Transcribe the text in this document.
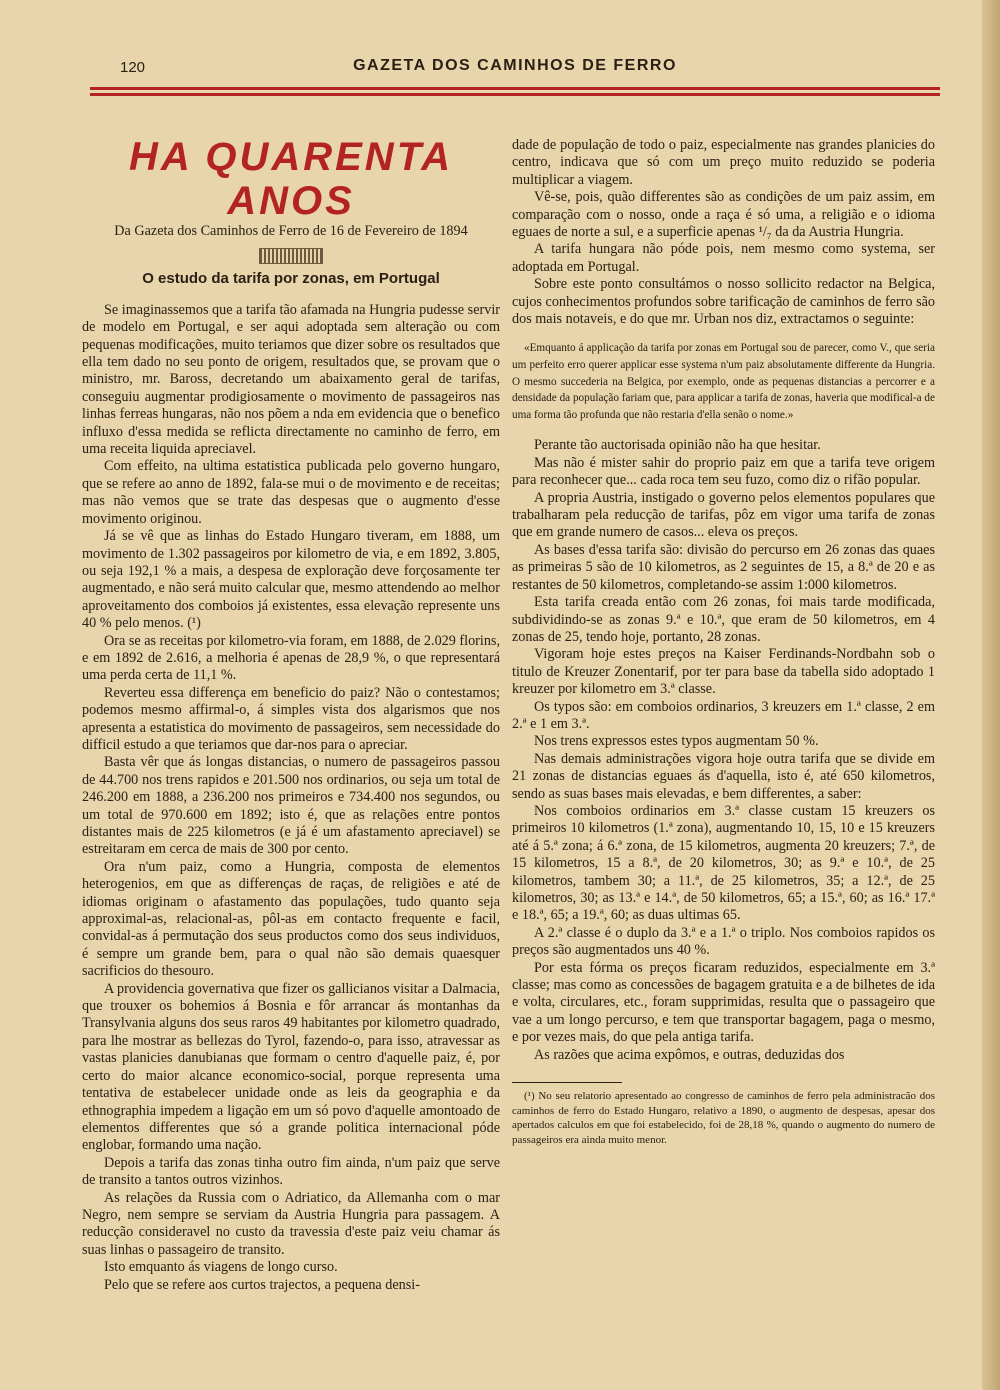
120	GAZETA DOS CAMINHOS DE FERRO
HA QUARENTA ANOS
Da Gazeta dos Caminhos de Ferro de 16 de Fevereiro de 1894
O estudo da tarifa por zonas, em Portugal

Se imaginassemos que a tarifa tão afamada na Hungria pudesse servir de modelo em Portugal, e ser aqui adoptada sem alteração ou com pequenas modificações, muito teriamos que dizer sobre os resultados que ella tem dado no seu ponto de origem, resultados que, se provam que o ministro, mr. Baross, decretando um abaixamento geral de tarifas, conseguiu augmentar prodigiosamente o movimento de passageiros nas linhas ferreas hungaras, não nos põem a nda em evidencia que o benefico influxo d'essa medida se reflicta directamente no caminho de ferro, em uma receita liquida apreciavel.

Com effeito, na ultima estatistica publicada pelo governo hungaro, que se refere ao anno de 1892, fala-se mui o de movimento e de receitas; mas não vemos que se trate das despesas que o augmento d'esse movimento originou.

Já se vê que as linhas do Estado Hungaro tiveram, em 1888, um movimento de 1.302 passageiros por kilometro de via, e em 1892, 3.805, ou seja 192,1 % a mais, a despesa de exploração deve forçosamente ter augmentado, e não será muito calcular que, mesmo attendendo ao melhor aproveitamento dos comboios já existentes, essa elevação represente uns 40 % pelo menos. (¹)

Ora se as receitas por kilometro-via foram, em 1888, de 2.029 florins, e em 1892 de 2.616, a melhoria é apenas de 28,9 %, o que representará uma perda certa de 11,1 %.

Reverteu essa differença em beneficio do paiz? Não o contestamos; podemos mesmo affirmal-o, á simples vista dos algarismos que nos apresenta a estatistica do movimento de passageiros, sem necessidade do difficil estudo a que teriamos que dar-nos para o apreciar.

Basta vêr que ás longas distancias, o numero de passageiros passou de 44.700 nos trens rapidos e 201.500 nos ordinarios, ou seja um total de 246.200 em 1888, a 236.200 nos primeiros e 734.400 nos segundos, ou um total de 970.600 em 1892; isto é, que as relações entre pontos distantes mais de 225 kilometros (e já é um afastamento apreciavel) se estreitaram em cerca de mais de 300 por cento.

Ora n'um paiz, como a Hungria, composta de elementos heterogenios, em que as differenças de raças, de religiões e até de idiomas originam o afastamento das populações, tudo quanto seja approximal-as, relacional-as, pôl-as em contacto frequente e facil, convidal-as á permutação dos seus productos como dos seus individuos, é sempre um grande bem, para o qual não são demais quaesquer sacrificios do thesouro.

A providencia governativa que fizer os gallicianos visitar a Dalmacia, que trouxer os bohemios á Bosnia e fôr arrancar ás montanhas da Transylvania alguns dos seus raros 49 habitantes por kilometro quadrado, para lhe mostrar as bellezas do Tyrol, fazendo-o, para isso, atravessar as vastas planicies danubianas que formam o centro d'aquelle paiz, é, por certo do maior alcance economico-social, porque representa uma tentativa de estabelecer unidade onde as leis da geographia e da ethnographia impedem a ligação em um só povo d'aquelle amontoado de elementos differentes que só a grande politica internacional póde englobar, formando uma nação.

Depois a tarifa das zonas tinha outro fim ainda, n'um paiz que serve de transito a tantos outros vizinhos.

As relações da Russia com o Adriatico, da Allemanha com o mar Negro, nem sempre se serviam da Austria Hungria para passagem. A reducção consideravel no custo da travessia d'este paiz veiu chamar ás suas linhas o passageiro de transito.

Isto emquanto ás viagens de longo curso.

Pelo que se refere aos curtos trajectos, a pequena densi-

dade de população de todo o paiz, especialmente nas grandes planicies do centro, indicava que só com um preço muito reduzido se poderia multiplicar a viagem.

Vê-se, pois, quão differentes são as condições de um paiz assim, em comparação com o nosso, onde a raça é só uma, a religião e o idioma eguaes de norte a sul, e a superficie apenas ¹/₇ da da Austria Hungria.

A tarifa hungara não póde pois, nem mesmo como systema, ser adoptada em Portugal.

Sobre este ponto consultámos o nosso sollicito redactor na Belgica, cujos conhecimentos profundos sobre tarificação de caminhos de ferro são dos mais notaveis, e do que mr. Urban nos diz, extractamos o seguinte:

«Emquanto á applicação da tarifa por zonas em Portugal sou de parecer, como V., que seria um perfeito erro querer applicar esse systema n'um paiz absolutamente differente da Hungria. O mesmo succederia na Belgica, por exemplo, onde as pequenas distancias a percorrer e a densidade da população fariam que, para applicar a tarifa de zonas, haveria que modifical-a de uma forma tão profunda que não restaria d'ella senão o nome.»

Perante tão auctorisada opinião não ha que hesitar.

Mas não é mister sahir do proprio paiz em que a tarifa teve origem para reconhecer que... cada roca tem seu fuzo, como diz o rifão popular.

A propria Austria, instigado o governo pelos elementos populares que trabalharam pela reducção de tarifas, pôz em vigor uma tarifa de zonas que em grande numero de casos... eleva os preços.

As bases d'essa tarifa são: divisão do percurso em 26 zonas das quaes as primeiras 5 são de 10 kilometros, as 2 seguintes de 15, a 8.ª de 20 e as restantes de 50 kilometros, completando-se assim 1:000 kilometros.

Esta tarifa creada então com 26 zonas, foi mais tarde modificada, subdividindo-se as zonas 9.ª e 10.ª, que eram de 50 kilometros, em 4 zonas de 25, tendo hoje, portanto, 28 zonas.

Vigoram hoje estes preços na Kaiser Ferdinands-Nordbahn sob o titulo de Kreuzer Zonentarif, por ter para base da tabella sido adoptado 1 kreuzer por kilometro em 3.ª classe.

Os typos são: em comboios ordinarios, 3 kreuzers em 1.ª classe, 2 em 2.ª e 1 em 3.ª.

Nos trens expressos estes typos augmentam 50 %.

Nas demais administrações vigora hoje outra tarifa que se divide em 21 zonas de distancias eguaes ás d'aquella, isto é, até 650 kilometros, sendo as suas bases mais elevadas, e bem differentes, a saber:

Nos comboios ordinarios em 3.ª classe custam 15 kreuzers os primeiros 10 kilometros (1.ª zona), augmentando 10, 15, 10 e 15 kreuzers até á 5.ª zona; á 6.ª zona, de 15 kilometros, augmenta 20 kreuzers; 7.ª, de 15 kilometros, 15 a 8.ª, de 20 kilometros, 30; as 9.ª e 10.ª, de 25 kilometros, tambem 30; a 11.ª, de 25 kilometros, 35; a 12.ª, de 25 kilometros, 30; as 13.ª e 14.ª, de 50 kilometros, 65; a 15.ª, 60; as 16.ª 17.ª e 18.ª, 65; a 19.ª, 60; as duas ultimas 65.

A 2.ª classe é o duplo da 3.ª e a 1.ª o triplo. Nos comboios rapidos os preços são augmentados uns 40 %.

Por esta fórma os preços ficaram reduzidos, especialmente em 3.ª classe; mas como as concessões de bagagem gratuita e a de bilhetes de ida e volta, circulares, etc., foram supprimidas, resulta que o passageiro que vae a um longo percurso, e tem que transportar bagagem, paga o mesmo, e por vezes mais, do que pela antiga tarifa.

As razões que acima expômos, e outras, deduzidas dos

(¹) No seu relatorio apresentado ao congresso de caminhos de ferro pela administracão dos caminhos de ferro do Estado Hungaro, relativo a 1890, o augmento de despesas, apesar dos apertados calculos em que foi estabelecido, foi de 28,18 %, quando o augmento do numero de passageiros era ainda muito menor.
